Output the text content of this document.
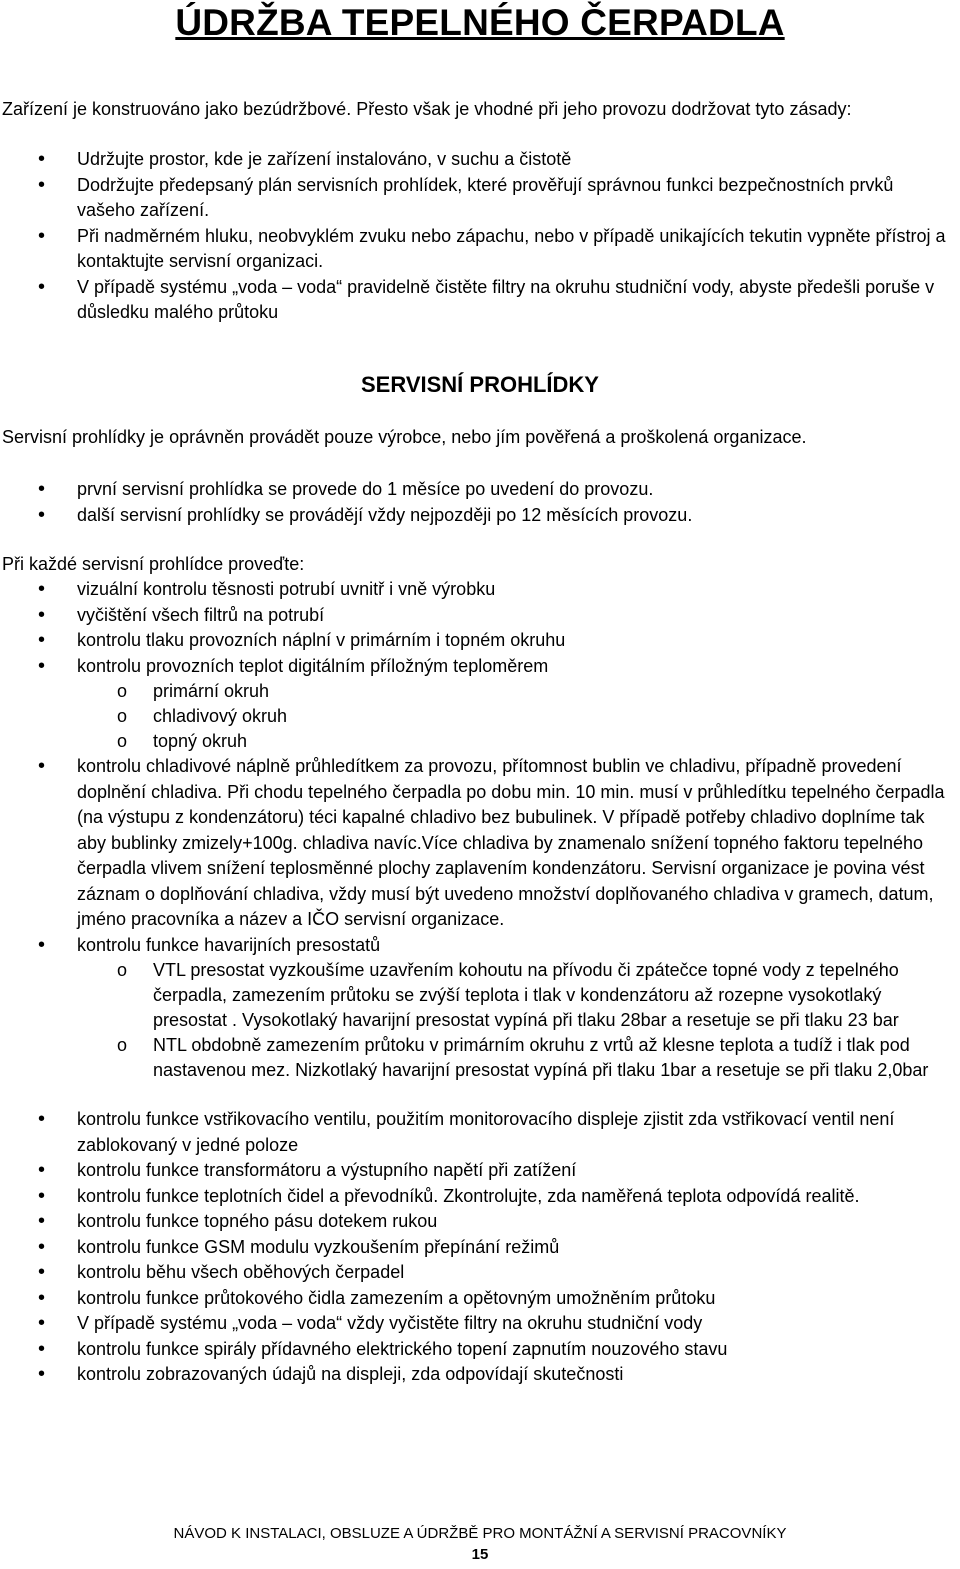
ÚDRŽBA TEPELNÉHO ČERPADLA

Zařízení je konstruováno jako bezúdržbové. Přesto však je vhodné při jeho provozu dodržovat tyto zásady:

• Udržujte prostor, kde je zařízení instalováno, v suchu a čistotě
• Dodržujte předepsaný plán servisních prohlídek, které prověřují správnou funkci bezpečnostních prvků vašeho zařízení.
• Při nadměrném hluku, neobvyklém zvuku nebo zápachu, nebo v případě unikajících tekutin vypněte přístroj a kontaktujte servisní organizaci.
• V případě systému „voda – voda“ pravidelně čistěte filtry na okruhu studniční vody, abyste předešli poruše v důsledku malého průtoku
SERVISNÍ PROHLÍDKY

Servisní prohlídky je oprávněn provádět pouze výrobce, nebo jím pověřená a proškolená organizace.

• první servisní prohlídka se provede do 1 měsíce po uvedení do provozu.
• další servisní prohlídky se provádějí vždy nejpozději po 12 měsících provozu.

Při každé servisní prohlídce proveďte:

• vizuální kontrolu těsnosti potrubí uvnitř i vně výrobku
• vyčištění všech filtrů na potrubí
• kontrolu tlaku provozních náplní v primárním i topném okruhu
• kontrolu provozních teplot digitálním příložným teploměrem
o primární okruh
o chladivový okruh
o topný okruh
• kontrolu chladivové náplně průhledítkem za provozu, přítomnost bublin ve chladivu, případně provedení doplnění chladiva. Při chodu tepelného čerpadla po dobu min. 10 min. musí v průhledítku tepelného čerpadla (na výstupu z kondenzátoru) téci kapalné chladivo bez bubulinek. V případě potřeby chladivo doplníme tak aby bublinky zmizely+100g. chladiva navíc.Více chladiva by znamenalo snížení topného faktoru tepelného čerpadla vlivem snížení teplosměnné plochy zaplavením kondenzátoru. Servisní organizace je povina vést záznam o doplňování chladiva, vždy musí být uvedeno množství doplňovaného chladiva v gramech, datum, jméno pracovníka a název a IČO servisní organizace.
• kontrolu funkce havarijních presostatů
o VTL presostat vyzkoušíme uzavřením kohoutu na přívodu či zpátečce topné vody z tepelného čerpadla, zamezením průtoku se zvýší teplota i tlak v kondenzátoru až rozepne vysokotlaký presostat . Vysokotlaký havarijní presostat vypíná při tlaku 28bar a resetuje se při tlaku 23 bar
o NTL obdobně zamezením průtoku v primárním okruhu z vrtů až klesne teplota a tudíž i tlak pod nastavenou mez. Nizkotlaký havarijní presostat vypíná při tlaku 1bar a resetuje se při tlaku 2,0bar
• kontrolu funkce vstřikovacího ventilu, použitím monitorovacího displeje zjistit zda vstřikovací ventil není zablokovaný v jedné poloze
• kontrolu funkce transformátoru a výstupního napětí při zatížení
• kontrolu funkce teplotních čidel a převodníků. Zkontrolujte, zda naměřená teplota odpovídá realitě.
• kontrolu funkce topného pásu dotekem rukou
• kontrolu funkce GSM modulu vyzkoušením přepínání režimů
• kontrolu běhu všech oběhových čerpadel
• kontrolu funkce průtokového čidla zamezením a opětovným umožněním průtoku
• V případě systému „voda – voda“ vždy vyčistěte filtry na okruhu studniční vody
• kontrolu funkce spirály přídavného elektrického topení zapnutím nouzového stavu
• kontrolu zobrazovaných údajů na displeji, zda odpovídají skutečnosti
NÁVOD K INSTALACI, OBSLUZE A ÚDRŽBĚ PRO MONTÁŽNÍ A SERVISNÍ PRACOVNÍKY
15
